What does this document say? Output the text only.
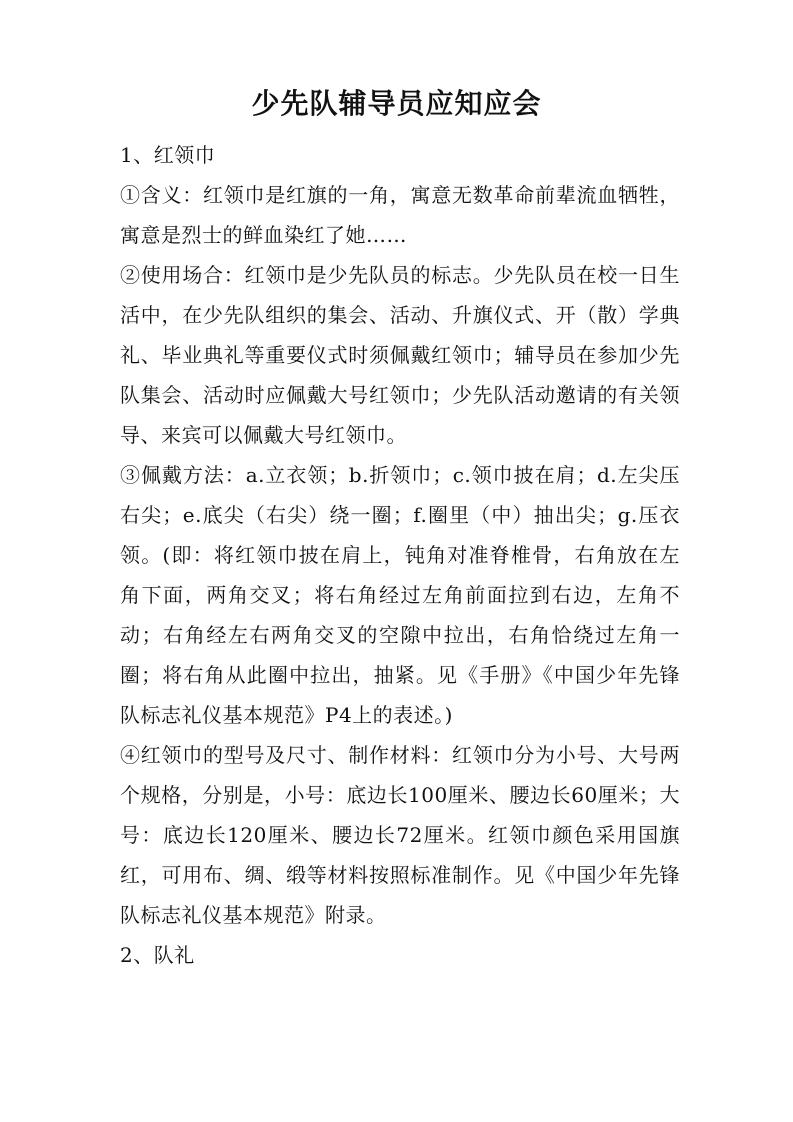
少先队辅导员应知应会

1、红领巾

①含义：红领巾是红旗的一角，寓意无数革命前辈流血牺牲，寓意是烈士的鲜血染红了她……

②使用场合：红领巾是少先队员的标志。少先队员在校一日生活中，在少先队组织的集会、活动、升旗仪式、开（散）学典礼、毕业典礼等重要仪式时须佩戴红领巾；辅导员在参加少先队集会、活动时应佩戴大号红领巾；少先队活动邀请的有关领导、来宾可以佩戴大号红领巾。

③佩戴方法：a.立衣领；b.折领巾；c.领巾披在肩；d.左尖压右尖；e.底尖（右尖）绕一圈；f.圈里（中）抽出尖；g.压衣领。(即：将红领巾披在肩上，钝角对准脊椎骨，右角放在左角下面，两角交叉；将右角经过左角前面拉到右边，左角不动；右角经左右两角交叉的空隙中拉出，右角恰绕过左角一圈；将右角从此圈中拉出，抽紧。见《手册》《中国少年先锋队标志礼仪基本规范》P4上的表述。)

④红领巾的型号及尺寸、制作材料：红领巾分为小号、大号两个规格，分别是，小号：底边长100厘米、腰边长60厘米；大号：底边长120厘米、腰边长72厘米。红领巾颜色采用国旗红，可用布、绸、缎等材料按照标准制作。见《中国少年先锋队标志礼仪基本规范》附录。

2、队礼
